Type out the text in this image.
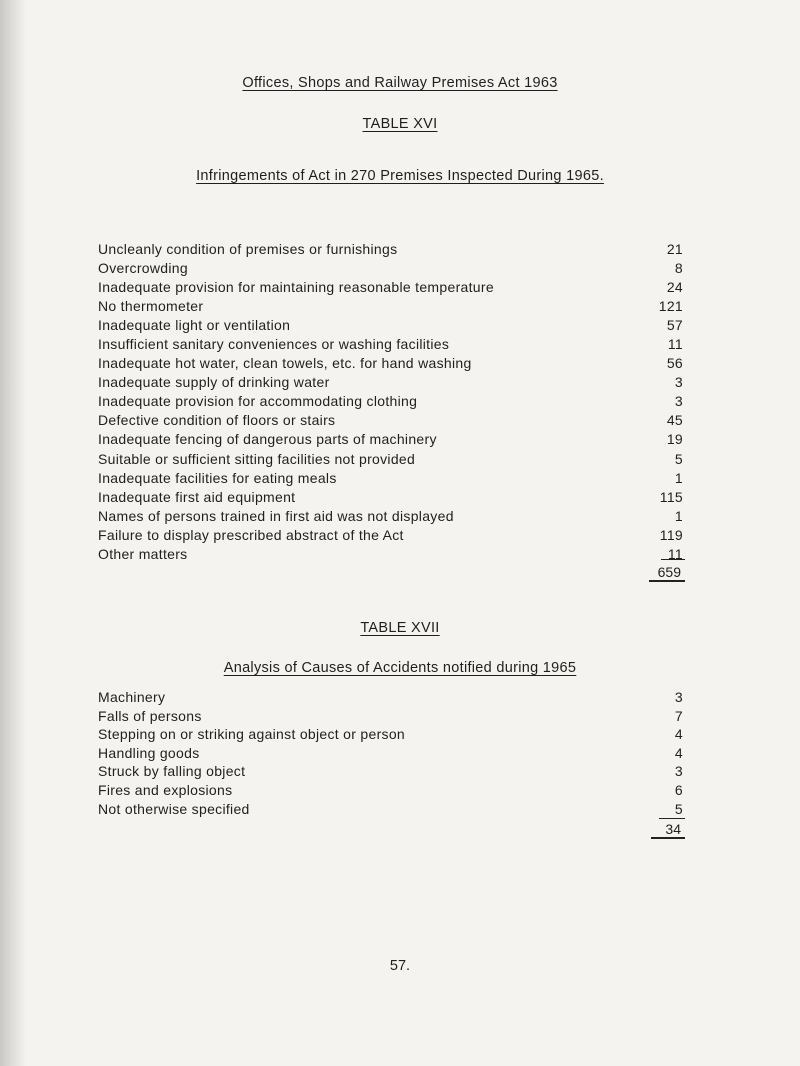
Offices, Shops and Railway Premises Act 1963
TABLE XVI
Infringements of Act in 270 Premises Inspected During 1965.
Uncleanly condition of premises or furnishings	21
Overcrowding	8
Inadequate provision for maintaining reasonable temperature	24
No thermometer	121
Inadequate light or ventilation	57
Insufficient sanitary conveniences or washing facilities	11
Inadequate hot water, clean towels, etc. for hand washing	56
Inadequate supply of drinking water	3
Inadequate provision for accommodating clothing	3
Defective condition of floors or stairs	45
Inadequate fencing of dangerous parts of machinery	19
Suitable or sufficient sitting facilities not provided	5
Inadequate facilities for eating meals	1
Inadequate first aid equipment	115
Names of persons trained in first aid was not displayed	1
Failure to display prescribed abstract of the Act	119
Other matters	11
659
TABLE XVII
Analysis of Causes of Accidents notified during 1965
Machinery	3
Falls of persons	7
Stepping on or striking against object or person	4
Handling goods	4
Struck by falling object	3
Fires and explosions	6
Not otherwise specified	5
34
57.
